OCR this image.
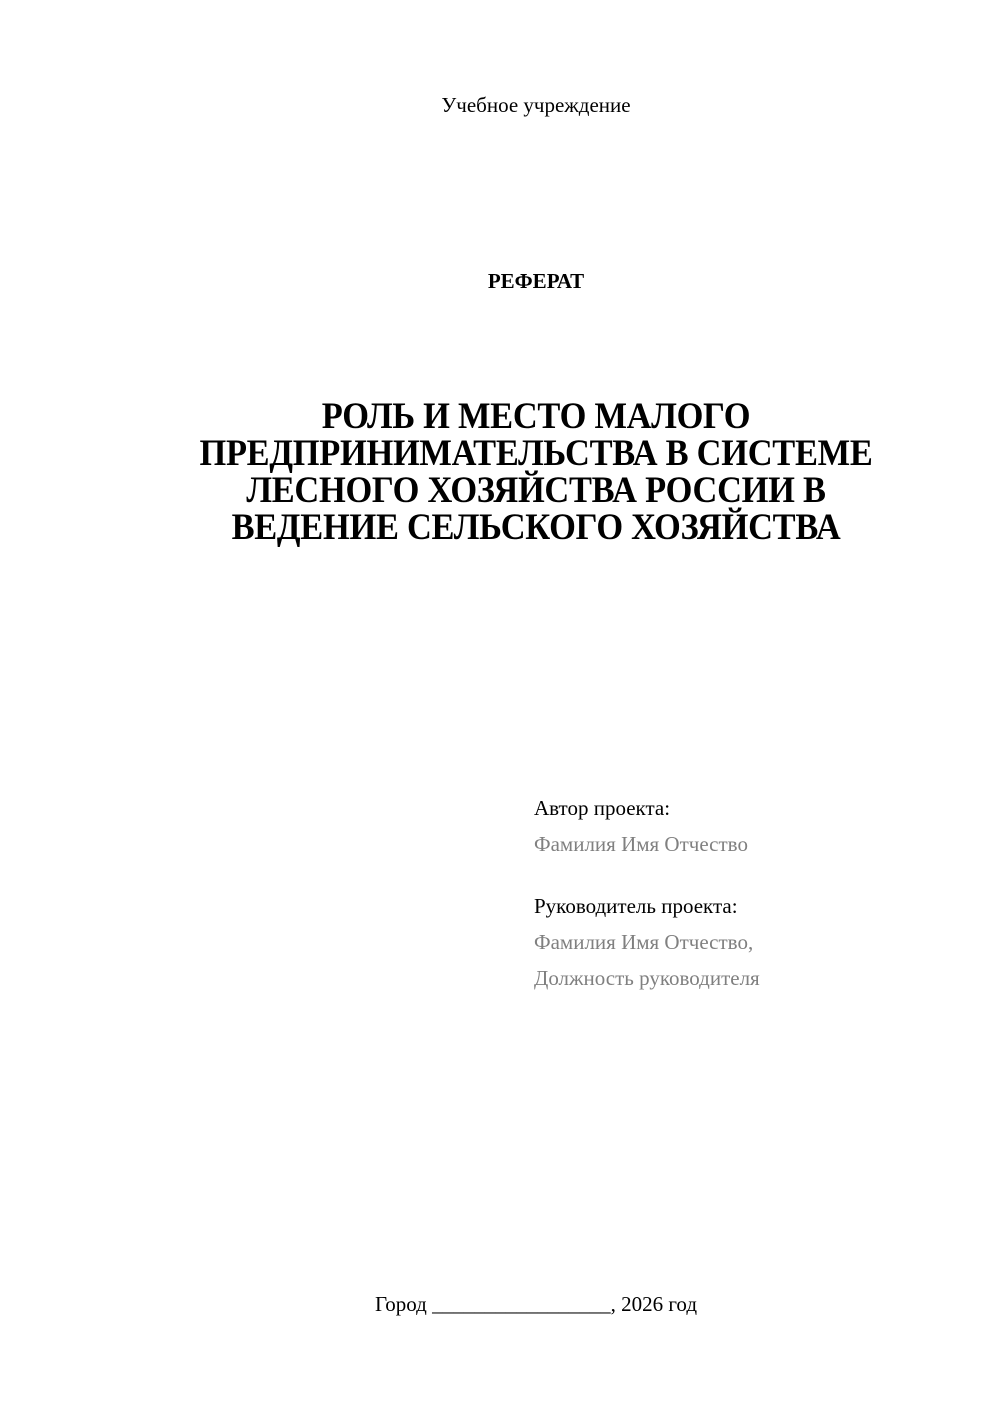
Учебное учреждение
РЕФЕРАТ
РОЛЬ И МЕСТО МАЛОГО
ПРЕДПРИНИМАТЕЛЬСТВА В СИСТЕМЕ
ЛЕСНОГО ХОЗЯЙСТВА РОССИИ В
ВЕДЕНИЕ СЕЛЬСКОГО ХОЗЯЙСТВА
Автор проекта:
Фамилия Имя Отчество
Руководитель проекта:
Фамилия Имя Отчество,
Должность руководителя
Город _________________, 2026 год
